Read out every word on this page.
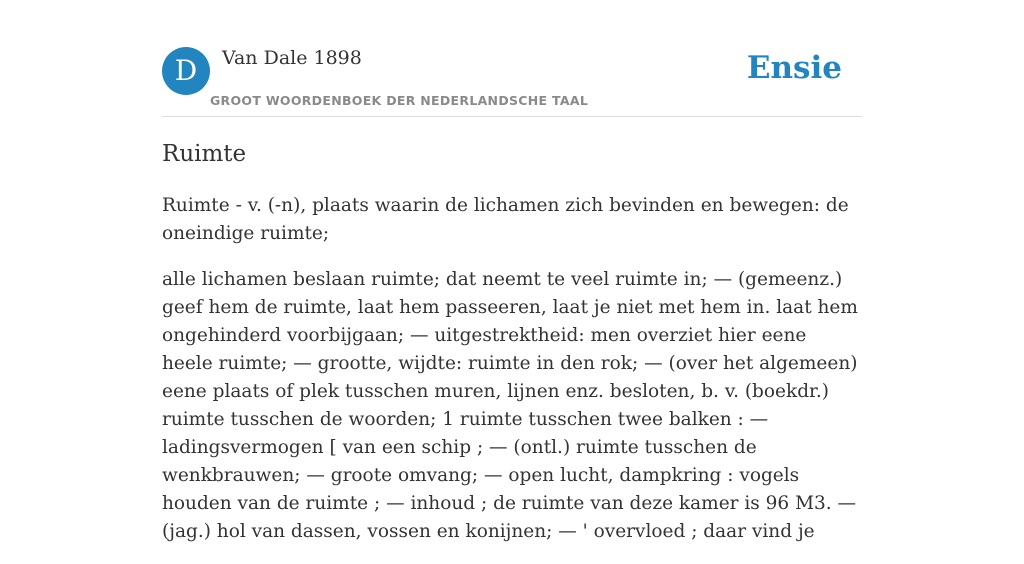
D	Van Dale 1898
GROOT WOORDENBOEK DER NEDERLANDSCHE TAAL
Ensie
Ruimte

Ruimte - v. (-n), plaats waarin de lichamen zich bevinden en bewegen: de oneindige ruimte;

alle lichamen beslaan ruimte; dat neemt te veel ruimte in; — (gemeenz.) geef hem de ruimte, laat hem passeeren, laat je niet met hem in. laat hem ongehinderd voorbijgaan; — uitgestrektheid: men overziet hier eene heele ruimte; — grootte, wijdte: ruimte in den rok; — (over het algemeen) eene plaats of plek tusschen muren, lijnen enz. besloten, b. v. (boekdr.) ruimte tusschen de woorden; 1 ruimte tusschen twee balken : — ladingsvermogen [ van een schip ; — (ontl.) ruimte tusschen de wenkbrauwen; — groote omvang; — open lucht, dampkring : vogels houden van de ruimte ; — inhoud ; de ruimte van deze kamer is 96 M3. — (jag.) hol van dassen, vossen en konijnen; — ' overvloed ; daar vind je
